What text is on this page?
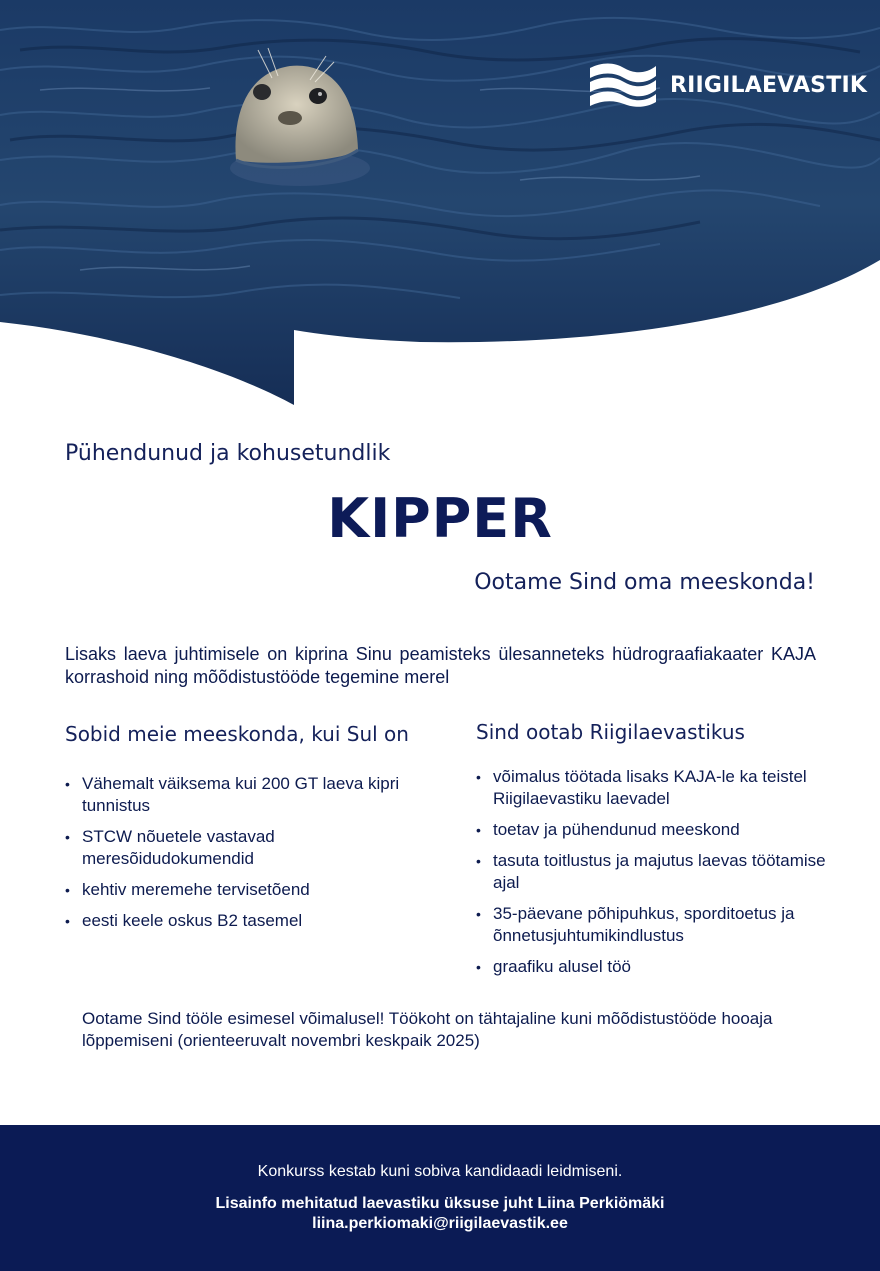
RIIGILAEVASTIK
Pühendunud ja kohusetundlik
KIPPER
Ootame Sind oma meeskonda!
Lisaks laeva juhtimisele on kiprina Sinu peamisteks ülesanneteks hüdrograafiakaater KAJA korrashoid ning mõõdistustööde tegemine merel
Sobid meie meeskonda, kui Sul on
• Vähemalt väiksema kui 200 GT laeva kipri tunnistus
• STCW nõuetele vastavad meresõidudokumendid
• kehtiv meremehe tervisetõend
• eesti keele oskus B2 tasemel
Sind ootab Riigilaevastikus
• võimalus töötada lisaks KAJA-le ka teistel Riigilaevastiku laevadel
• toetav ja pühendunud meeskond
• tasuta toitlustus ja majutus laevas töötamise ajal
• 35-päevane põhipuhkus, sporditoetus ja õnnetusjuhtumikindlustus
• graafiku alusel töö
Ootame Sind tööle esimesel võimalusel! Töökoht on tähtajaline kuni mõõdistustööde hooaja lõppemiseni (orienteeruvalt novembri keskpaik 2025)
Konkurss kestab kuni sobiva kandidaadi leidmiseni.
Lisainfo mehitatud laevastiku üksuse juht Liina Perkiömäki
liina.perkiomaki@riigilaevastik.ee
